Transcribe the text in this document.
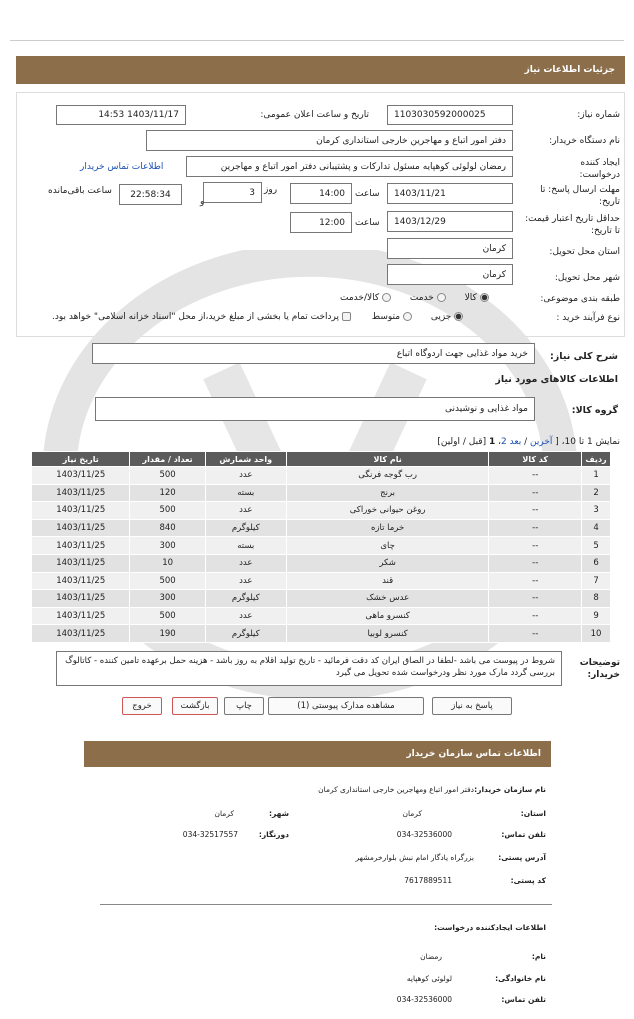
جزئیات اطلاعات نیاز
شماره نیاز:
1103030592000025
تاریخ و ساعت اعلان عمومی:
1403/11/17 14:53
نام دستگاه خریدار:
دفتر امور اتباع و مهاجرین خارجی استانداری کرمان
ایجاد کننده درخواست:
رمضان لولوئی کوهپایه مسئول تدارکات و پشتیبانی دفتر امور اتباع و مهاجرین
اطلاعات تماس خریدار
مهلت ارسال پاسخ: تا تاریخ:
1403/11/21
ساعت
14:00
روز
3
و
22:58:34
ساعت باقی‌مانده
حداقل تاریخ اعتبار قیمت: تا تاریخ:
1403/12/29
ساعت
12:00
استان محل تحویل:
کرمان
شهر محل تحویل:
کرمان
طبقه بندی موضوعی:
کالا  خدمت  کالا/خدمت
نوع فرآیند خرید :
جزیی  متوسط  پرداخت تمام یا بخشی از مبلغ خرید،از محل "اسناد خزانه اسلامی" خواهد بود.
شرح کلی نیاز:
خرید مواد غذایی جهت اردوگاه اتباع
اطلاعات کالاهای مورد نیاز
گروه کالا:
مواد غذایی و نوشیدنی
نمایش 1 تا 10، [ آخرین / بعد 2، 1 [قبل / اولین]
ردیف	کد کالا	نام کالا	واحد شمارش	تعداد / مقدار	تاریخ نیاز
1	--	رب گوجه فرنگی	عدد	500	1403/11/25
2	--	برنج	بسته	120	1403/11/25
3	--	روغن حیوانی خوراکی	عدد	500	1403/11/25
4	--	خرما تازه	کیلوگرم	840	1403/11/25
5	--	چای	بسته	300	1403/11/25
6	--	شکر	عدد	10	1403/11/25
7	--	قند	عدد	500	1403/11/25
8	--	عدس خشک	کیلوگرم	300	1403/11/25
9	--	کنسرو ماهی	عدد	500	1403/11/25
10	--	کنسرو لوبیا	کیلوگرم	190	1403/11/25
توضیحات خریدار:
شروط در پیوست می باشد -لطفا در الصاق ایران کد دقت فرمائید - تاریخ تولید اقلام به روز باشد - هزینه حمل برعهده تامین کننده - کاتالوگ بررسی گردد مارک مورد نظر ودرخواست شده تحویل می گیرد
پاسخ به نیاز
مشاهده مدارک پیوستی (1)
چاپ
بازگشت
خروج
اطلاعات تماس سازمان خریدار
نام سازمان خریدار:
دفتر امور اتباع ومهاجرین خارجی استانداری کرمان
استان:
کرمان
شهر:
کرمان
تلفن تماس:
034-32536000
دورنگار:
034-32517557
آدرس پستی:
بزرگراه یادگار امام نبش بلوارخرمشهر
کد پستی:
7617889511
اطلاعات ایجادکننده درخواست:
نام:
رمضان
نام خانوادگی:
لولوئی کوهپایه
تلفن تماس:
034-32536000
